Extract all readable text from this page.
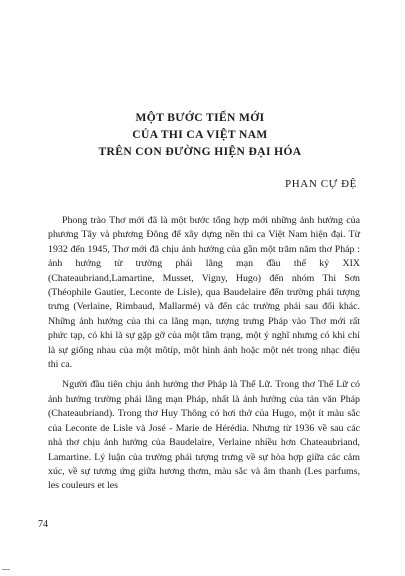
MỘT BƯỚC TIẾN MỚI
CỦA THI CA VIỆT NAM
TRÊN CON ĐƯỜNG HIỆN ĐẠI HÓA
PHAN CỰ ĐỆ

Phong trào Thơ mới đã là một bước tổng hợp mới những ảnh hưởng của phương Tây và phương Đông để xây dựng nền thi ca Việt Nam hiện đại. Từ 1932 đến 1945, Thơ mới đã chịu ảnh hưởng của gần một trăm năm thơ Pháp : ảnh hưởng từ trường phái lãng mạn đầu thế kỷ XIX (Chateaubriand,Lamartine, Musset, Vigny, Hugo) đến nhóm Thi Sơn (Théophile Gautier, Leconte de Lisle), qua Baudelaire đến trường phái tượng trưng (Verlaine, Rimbaud, Mallarmé) và đến các trường phái sau đối khác. Những ảnh hưởng của thi ca lãng mạn, tượng trưng Pháp vào Thơ mới rất phức tạp, có khi là sự gặp gỡ của một tâm trạng, một ý nghĩ nhưng có khi chỉ là sự giống nhau của một môtíp, một hình ảnh hoặc một nét trong nhạc điệu thi ca.

Người đầu tiên chịu ảnh hưởng thơ Pháp là Thế Lữ. Trong thơ Thế Lữ có ảnh hưởng trường phái lãng mạn Pháp, nhất là ảnh hưởng của tản văn Pháp (Chateaubriand). Trong thơ Huy Thông có hơi thở của Hugo, một ít màu sắc của Leconte de Lisle và José - Marie de Hérédia. Nhưng từ 1936 về sau các nhà thơ chịu ảnh hưởng của Baudelaire, Verlaine nhiều hơn Chateaubriand, Lamartine. Lý luận của trường phái tượng trưng về sự hòa hợp giữa các cảm xúc, về sự tương ứng giữa hương thơm, màu sắc và âm thanh (Les parfums, les couleurs et les

74
